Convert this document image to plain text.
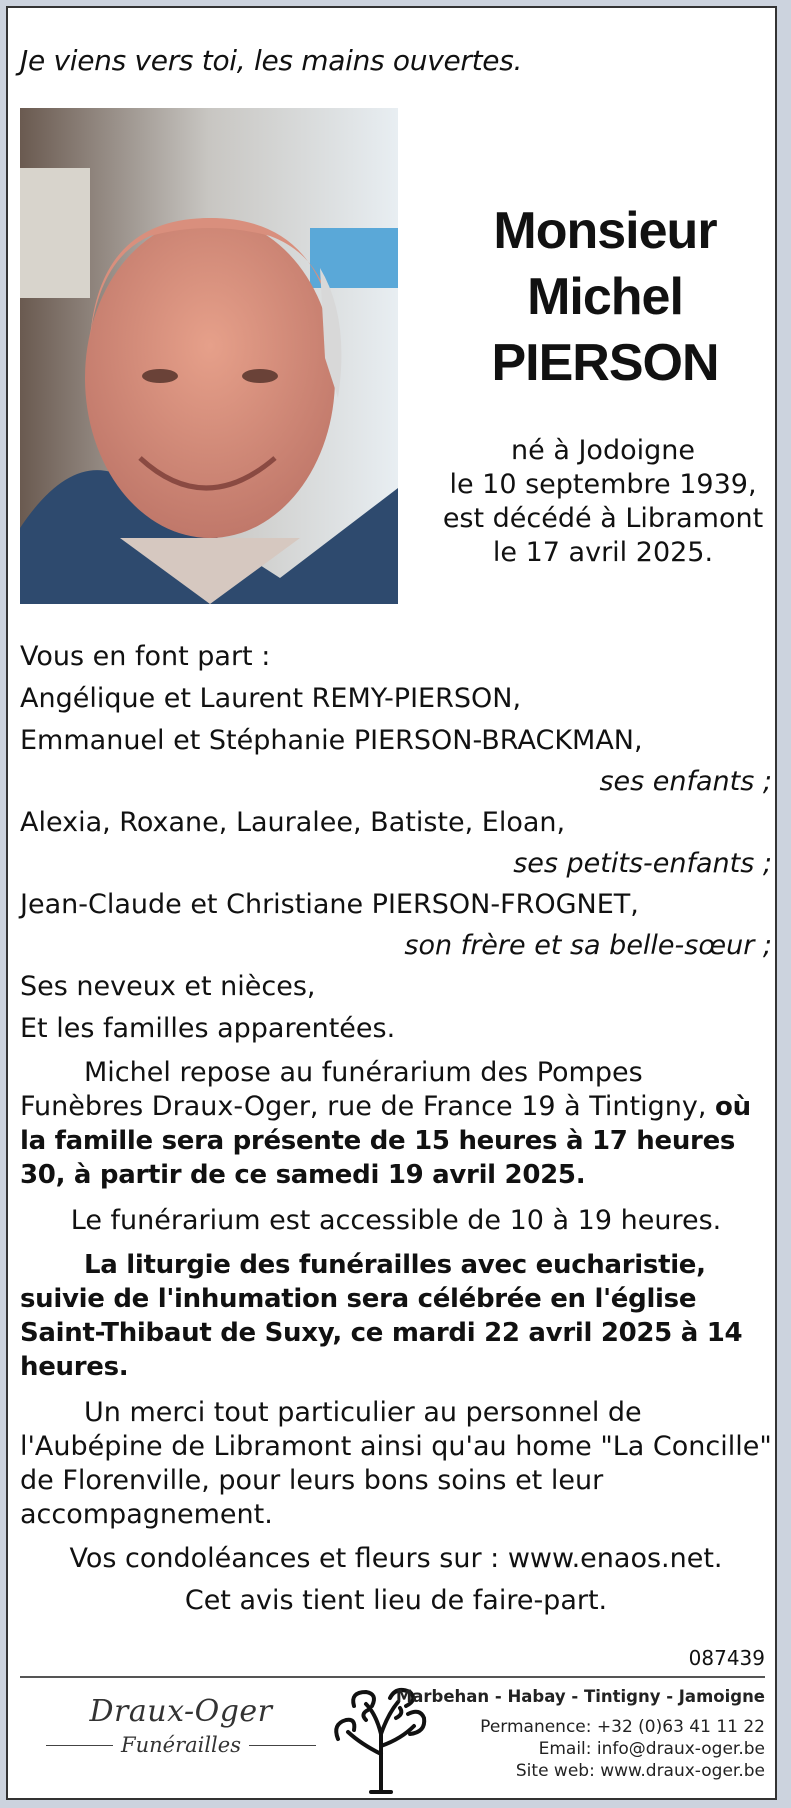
Je viens vers toi, les mains ouvertes.
Monsieur
Michel
PIERSON
né à Jodoigne
le 10 septembre 1939,
est décédé à Libramont
le 17 avril 2025.
Vous en font part :
Angélique et Laurent REMY-PIERSON,
Emmanuel et Stéphanie PIERSON-BRACKMAN,
ses enfants ;
Alexia, Roxane, Lauralee, Batiste, Eloan,
ses petits-enfants ;
Jean-Claude et Christiane PIERSON-FROGNET,
son frère et sa belle-sœur ;
Ses neveux et nièces,
Et les familles apparentées.
Michel repose au funérarium des Pompes Funèbres Draux-Oger, rue de France 19 à Tintigny, où la famille sera présente de 15 heures à 17 heures 30, à partir de ce samedi 19 avril 2025.
Le funérarium est accessible de 10 à 19 heures.
La liturgie des funérailles avec eucharistie, suivie de l'inhumation sera célébrée en l'église Saint-Thibaut de Suxy, ce mardi 22 avril 2025 à 14 heures.
Un merci tout particulier au personnel de l'Aubépine de Libramont ainsi qu'au home "La Concille" de Florenville, pour leurs bons soins et leur accompagnement.
Vos condoléances et fleurs sur : www.enaos.net.
Cet avis tient lieu de faire-part.
087439
Draux-Oger
Funérailles
Marbehan - Habay - Tintigny - Jamoigne
Permanence: +32 (0)63 41 11 22
Email: info@draux-oger.be
Site web: www.draux-oger.be
